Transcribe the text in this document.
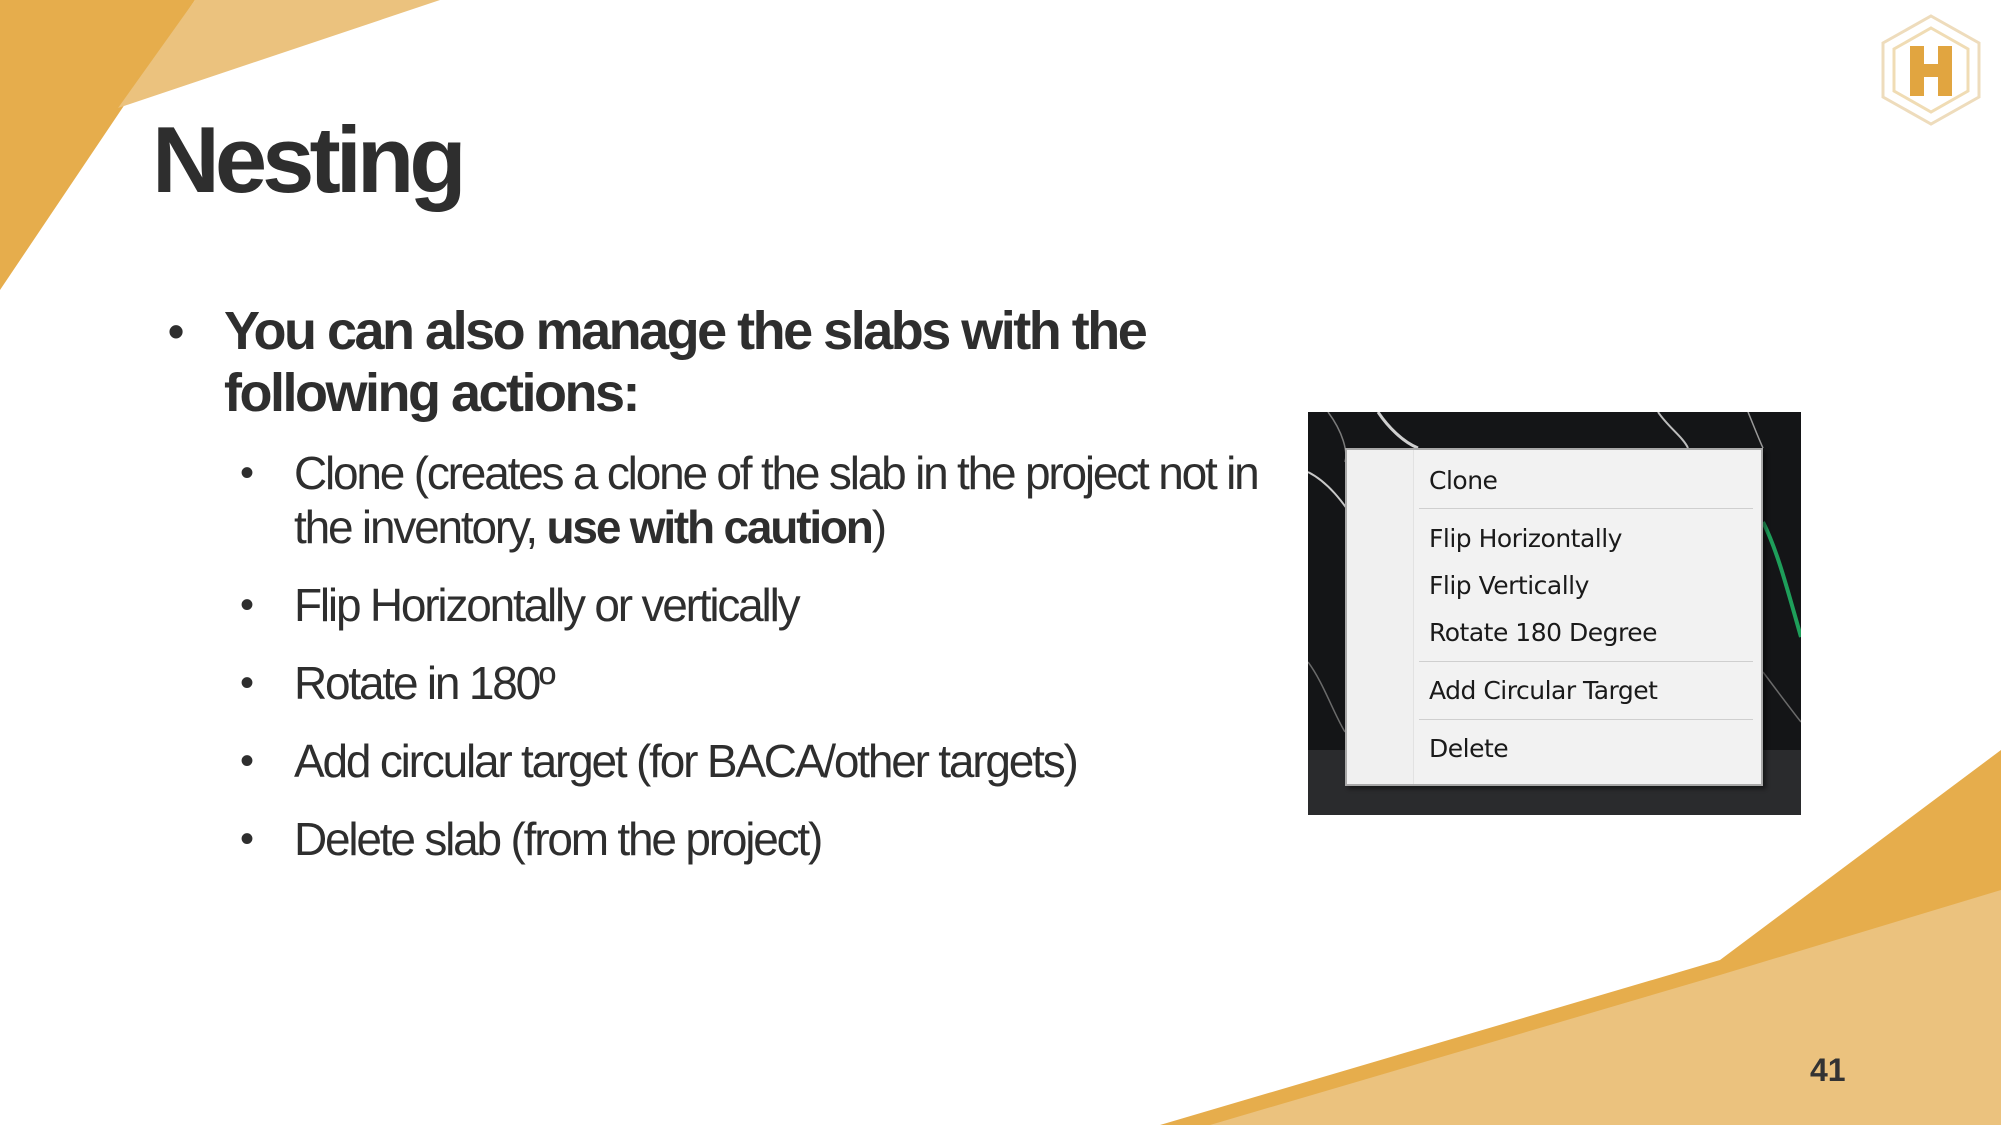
Nesting
• You can also manage the slabs with the following actions:
• Clone (creates a clone of the slab in the project not in the inventory, use with caution)
• Flip Horizontally or vertically
• Rotate in 180º
• Add circular target (for BACA/other targets)
• Delete slab (from the project)
Clone
Flip Horizontally
Flip Vertically
Rotate 180 Degree
Add Circular Target
Delete
41
